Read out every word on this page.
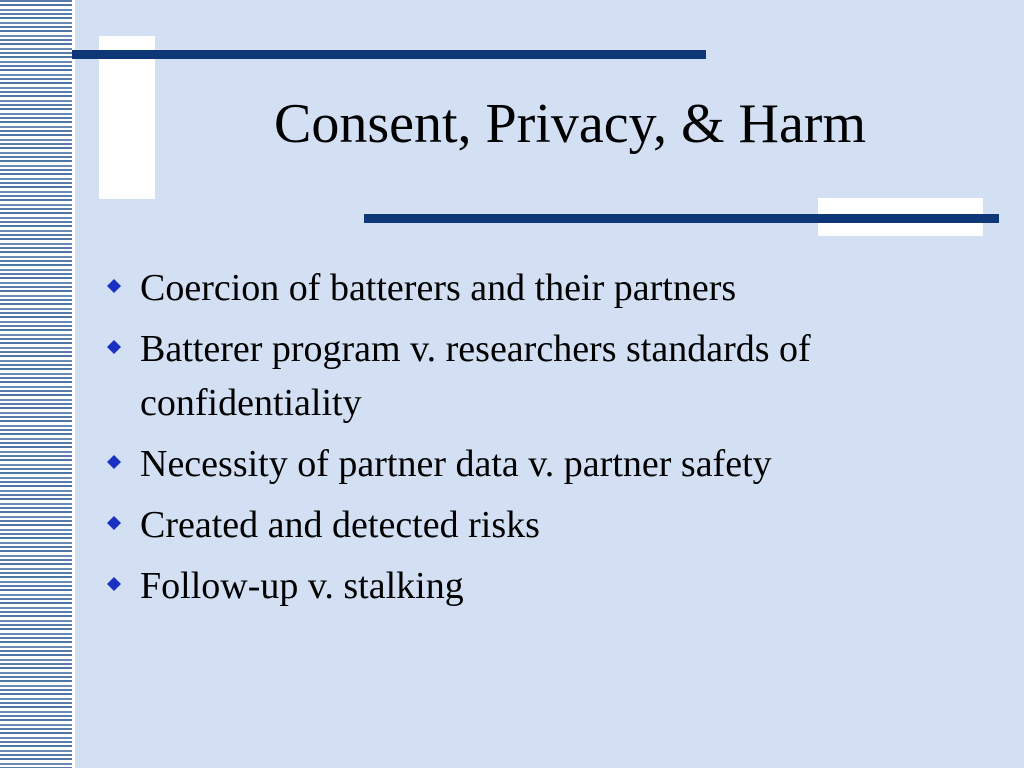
Consent, Privacy, & Harm
Coercion of batterers and their partners
Batterer program v. researchers standards of confidentiality
Necessity of partner data v. partner safety
Created and detected risks
Follow-up v. stalking
